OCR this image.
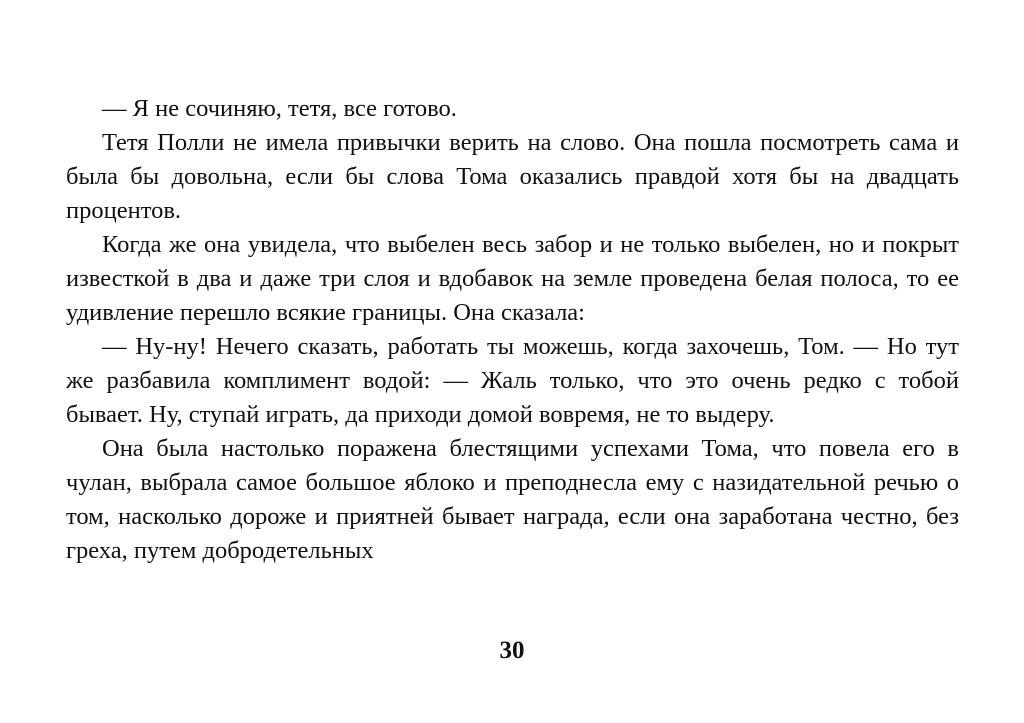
— Я не сочиняю, тетя, все готово.

Тетя Полли не имела привычки верить на слово. Она пошла посмотреть сама и была бы довольна, если бы слова Тома оказались правдой хотя бы на двадцать процентов.

Когда же она увидела, что выбелен весь забор и не только выбелен, но и покрыт известкой в два и даже три слоя и вдобавок на земле проведена белая полоса, то ее удивление перешло всякие границы. Она сказала:

— Ну-ну! Нечего сказать, работать ты можешь, когда захочешь, Том. — Но тут же разбавила комплимент водой: — Жаль только, что это очень редко с тобой бывает. Ну, ступай играть, да приходи домой вовремя, не то выдеру.

Она была настолько поражена блестящими успехами Тома, что повела его в чулан, выбрала самое большое яблоко и преподнесла ему с назидательной речью о том, насколько дороже и приятней бывает награда, если она заработана честно, без греха, путем добродетельных

30
